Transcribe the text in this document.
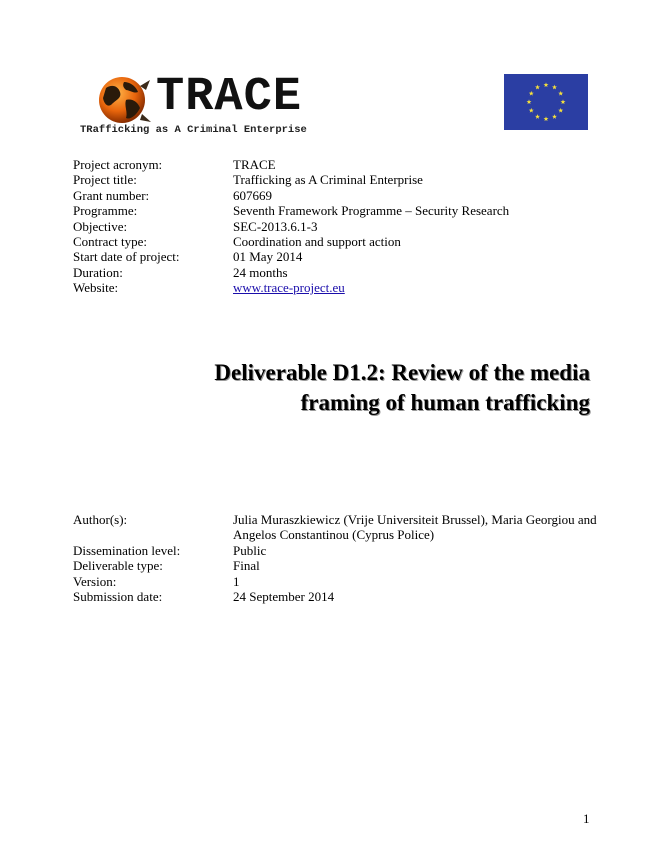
TRACE
TRafficking as A Criminal Enterprise
Project acronym:	TRACE
Project title:	Trafficking as A Criminal Enterprise
Grant number:	607669
Programme:	Seventh Framework Programme – Security Research
Objective:	SEC-2013.6.1-3
Contract type:	Coordination and support action
Start date of project:	01 May 2014
Duration:	24 months
Website:	www.trace-project.eu
Deliverable D1.2: Review of the media
framing of human trafficking
Author(s):	Julia Muraszkiewicz (Vrije Universiteit Brussel), Maria Georgiou and Angelos Constantinou (Cyprus Police)
Dissemination level:	Public
Deliverable type:	Final
Version:	1
Submission date:	24 September 2014
1
